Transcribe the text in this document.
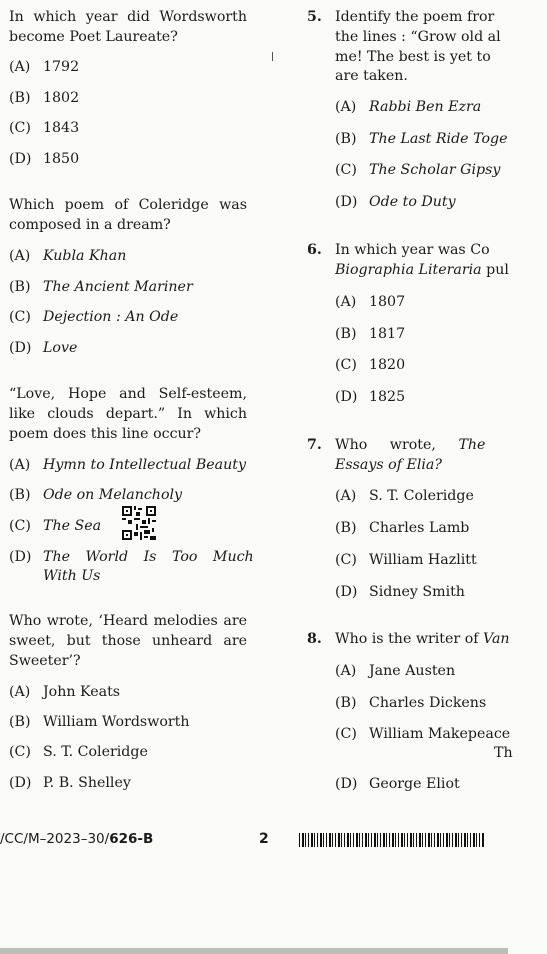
In which year did Wordsworth
become Poet Laureate?
(A) 1792
(B) 1802
(C) 1843
(D) 1850
Which poem of Coleridge was
composed in a dream?
(A) Kubla Khan
(B) The Ancient Mariner
(C) Dejection : An Ode
(D) Love
“Love, Hope and Self-esteem,
like clouds depart.” In which
poem does this line occur?
(A) Hymn to Intellectual Beauty
(B) Ode on Melancholy
(C) The Sea
(D) The World Is Too Much
With Us
Who wrote, ‘Heard melodies are
sweet, but those unheard are
Sweeter’?
(A) John Keats
(B) William Wordsworth
(C) S. T. Coleridge
(D) P. B. Shelley
5. Identify the poem fror
the lines : “Grow old al
me! The best is yet to
are taken.
(A) Rabbi Ben Ezra
(B) The Last Ride Toge
(C) The Scholar Gipsy
(D) Ode to Duty
6. In which year was Co
Biographia Literaria pul
(A) 1807
(B) 1817
(C) 1820
(D) 1825
7. Who     wrote,     The
Essays of Elia?
(A) S. T. Coleridge
(B) Charles Lamb
(C) William Hazlitt
(D) Sidney Smith
8. Who is the writer of Van
(A) Jane Austen
(B) Charles Dickens
(C) William Makepeace
Th
(D) George Eliot
/CC/M–2023–30/626-B	2
